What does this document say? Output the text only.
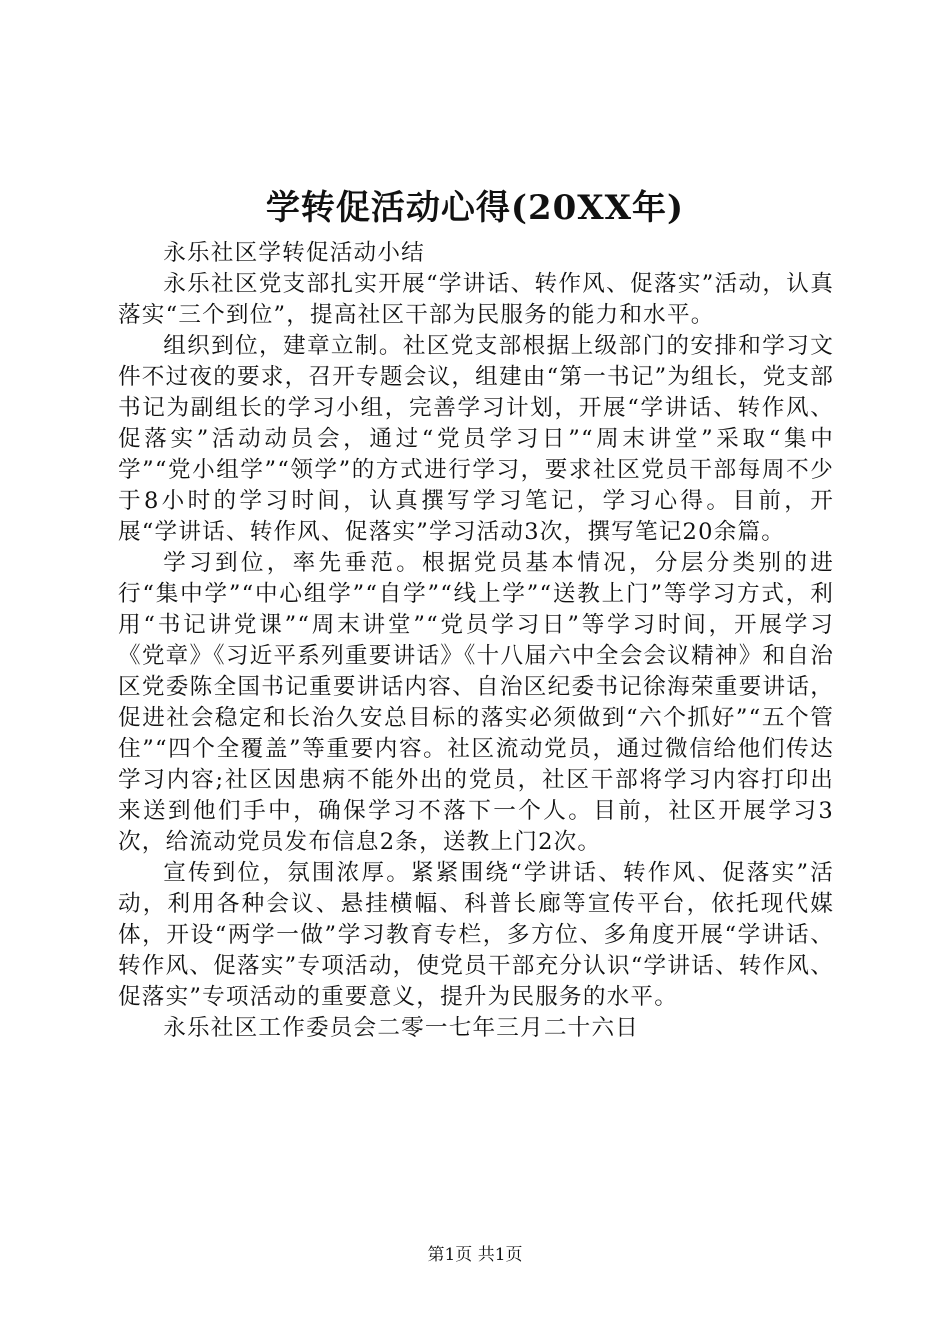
学转促活动心得(20XX年)

永乐社区学转促活动小结

永乐社区党支部扎实开展“学讲话、转作风、促落实”活动，认真落实“三个到位”，提高社区干部为民服务的能力和水平。

组织到位，建章立制。社区党支部根据上级部门的安排和学习文件不过夜的要求，召开专题会议，组建由“第一书记”为组长，党支部书记为副组长的学习小组，完善学习计划，开展“学讲话、转作风、促落实”活动动员会，通过“党员学习日”“周末讲堂”采取“集中学”“党小组学”“领学”的方式进行学习，要求社区党员干部每周不少于8小时的学习时间，认真撰写学习笔记，学习心得。目前，开展“学讲话、转作风、促落实”学习活动3次，撰写笔记20余篇。

学习到位，率先垂范。根据党员基本情况，分层分类别的进行“集中学”“中心组学”“自学”“线上学”“送教上门”等学习方式，利用“书记讲党课”“周末讲堂”“党员学习日”等学习时间，开展学习《党章》《习近平系列重要讲话》《十八届六中全会会议精神》和自治区党委陈全国书记重要讲话内容、自治区纪委书记徐海荣重要讲话，促进社会稳定和长治久安总目标的落实必须做到“六个抓好”“五个管住”“四个全覆盖”等重要内容。社区流动党员，通过微信给他们传达学习内容;社区因患病不能外出的党员，社区干部将学习内容打印出来送到他们手中，确保学习不落下一个人。目前，社区开展学习3次，给流动党员发布信息2条，送教上门2次。

宣传到位，氛围浓厚。紧紧围绕“学讲话、转作风、促落实”活动，利用各种会议、悬挂横幅、科普长廊等宣传平台，依托现代媒体，开设“两学一做”学习教育专栏，多方位、多角度开展“学讲话、转作风、促落实”专项活动，使党员干部充分认识“学讲话、转作风、促落实”专项活动的重要意义，提升为民服务的水平。

永乐社区工作委员会二零一七年三月二十六日

第1页 共1页
